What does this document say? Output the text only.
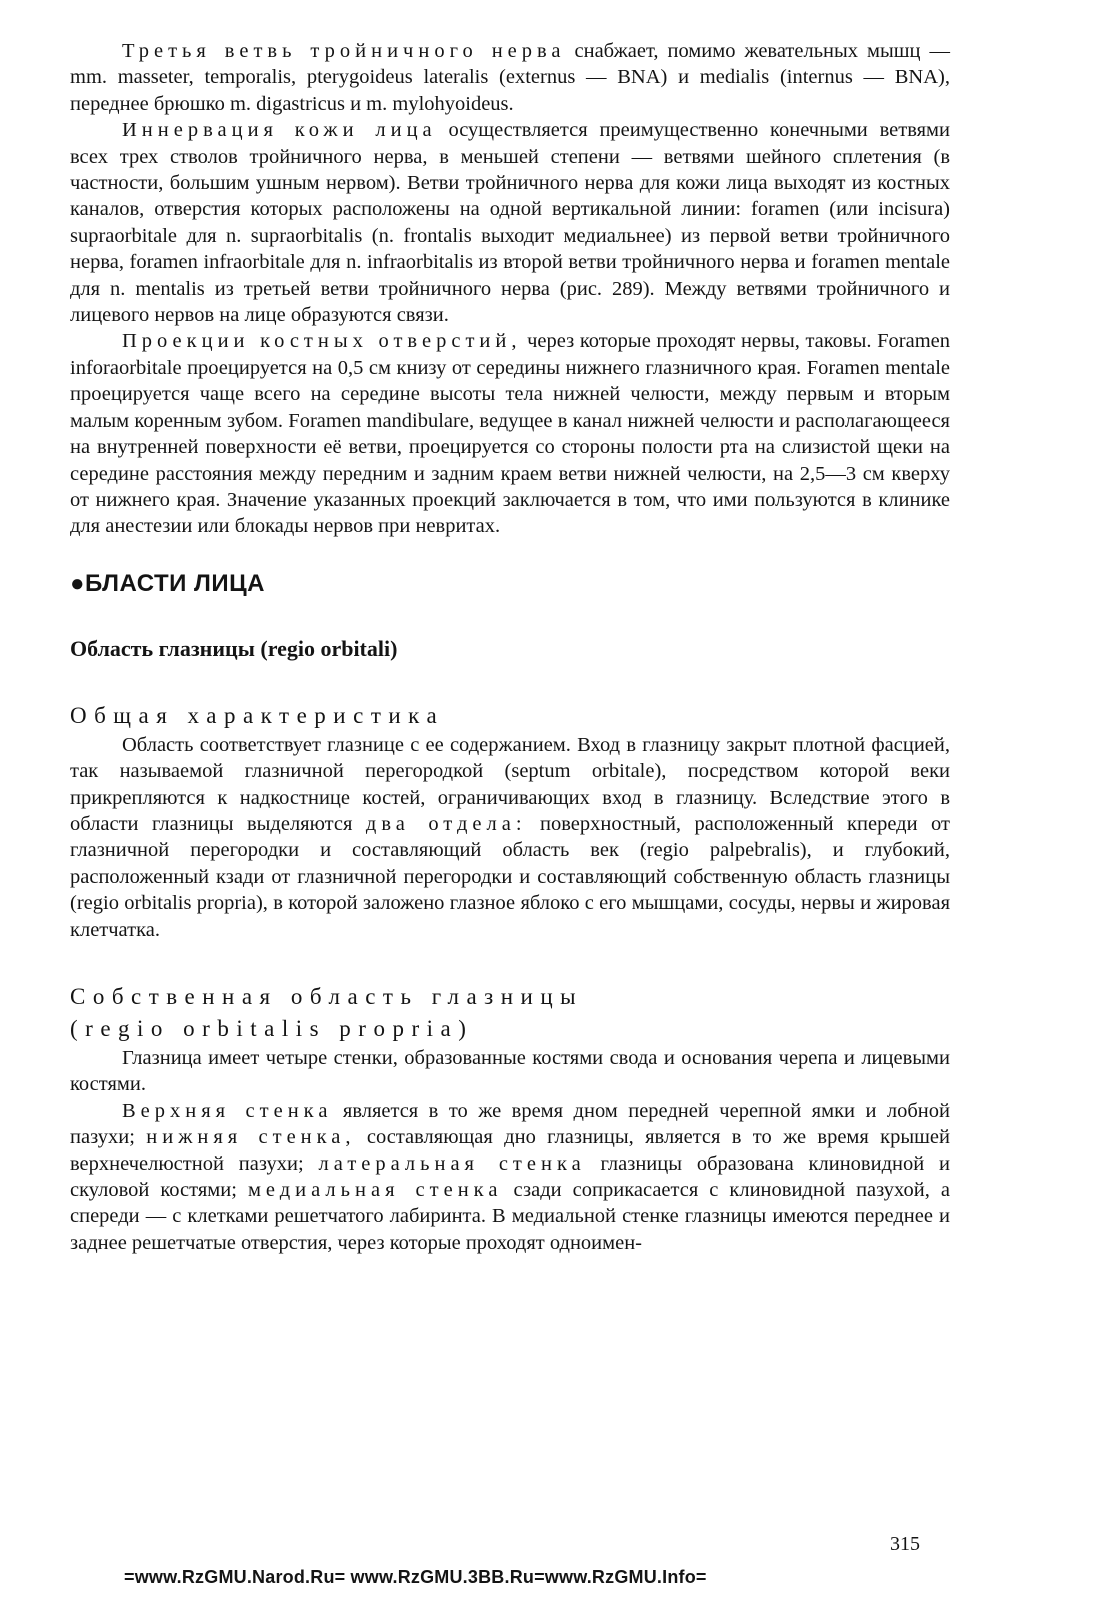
Третья ветвь тройничного нерва снабжает, помимо жевательных мышц — mm. masseter, temporalis, pterygoideus lateralis (externus — BNA) и medialis (internus — BNA), переднее брюшко m. digastricus и m. mylohyoideus.

Иннервация кожи лица осуществляется преимущественно конечными ветвями всех трех стволов тройничного нерва, в меньшей степени — ветвями шейного сплетения (в частности, большим ушным нервом). Ветви тройничного нерва для кожи лица выходят из костных каналов, отверстия которых расположены на одной вертикальной линии: foramen (или incisura) supraorbitale для n. supraorbitalis (n. frontalis выходит медиальнее) из первой ветви тройничного нерва, foramen infraorbitale для n. infraorbitalis из второй ветви тройничного нерва и foramen mentale для n. mentalis из третьей ветви тройничного нерва (рис. 289). Между ветвями тройничного и лицевого нервов на лице образуются связи.

Проекции костных отверстий, через которые проходят нервы, таковы. Foramen inforaorbitale проецируется на 0,5 см книзу от середины нижнего глазничного края. Foramen mentale проецируется чаще всего на середине высоты тела нижней челюсти, между первым и вторым малым коренным зубом. Foramen mandibulare, ведущее в канал нижней челюсти и располагающееся на внутренней поверхности её ветви, проецируется со стороны полости рта на слизистой щеки на середине расстояния между передним и задним краем ветви нижней челюсти, на 2,5—3 см кверху от нижнего края. Значение указанных проекций заключается в том, что ими пользуются в клинике для анестезии или блокады нервов при невритах.

●БЛАСТИ ЛИЦА
Область глазницы (regio orbitali)
Общая характеристика

Область соответствует глазнице с ее содержанием. Вход в глазницу закрыт плотной фасцией, так называемой глазничной перегородкой (septum orbitale), посредством которой веки прикрепляются к надкостнице костей, ограничивающих вход в глазницу. Вследствие этого в области глазницы выделяются два отдела: поверхностный, расположенный кпереди от глазничной перегородки и составляющий область век (regio palpebralis), и глубокий, расположенный кзади от глазничной перегородки и составляющий собственную область глазницы (regio orbitalis propria), в которой заложено глазное яблоко с его мышцами, сосуды, нервы и жировая клетчатка.

Собственная область глазницы
(regio orbitalis propria)

Глазница имеет четыре стенки, образованные костями свода и основания черепа и лицевыми костями.

Верхняя стенка является в то же время дном передней черепной ямки и лобной пазухи; нижняя стенка, составляющая дно глазницы, является в то же время крышей верхнечелюстной пазухи; латеральная стенка глазницы образована клиновидной и скуловой костями; медиальная стенка сзади соприкасается с клиновидной пазухой, а спереди — с клетками решетчатого лабиринта. В медиальной стенке глазницы имеются переднее и заднее решетчатые отверстия, через которые проходят одноимен-

315
=www.RzGMU.Narod.Ru= www.RzGMU.3BB.Ru=www.RzGMU.Info=
